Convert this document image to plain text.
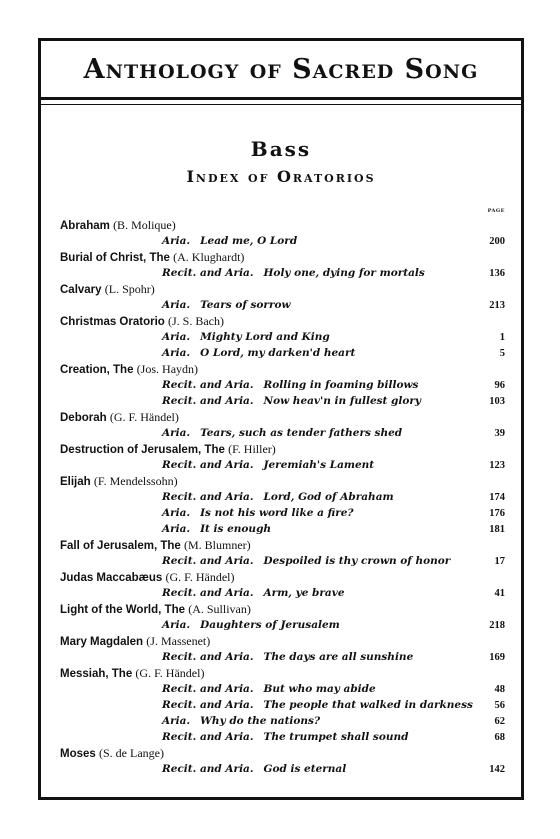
Anthology of Sacred Song
Bass
Index of Oratorios
PAGE
Abraham (B. Molique)
Aria. Lead me, O Lord	200
Burial of Christ, The (A. Klughardt)
Recit. and Aria. Holy one, dying for mortals	136
Calvary (L. Spohr)
Aria. Tears of sorrow	213
Christmas Oratorio (J. S. Bach)
Aria. Mighty Lord and King	1
Aria. O Lord, my darken'd heart	5
Creation, The (Jos. Haydn)
Recit. and Aria. Rolling in foaming billows	96
Recit. and Aria. Now heav'n in fullest glory	103
Deborah (G. F. Händel)
Aria. Tears, such as tender fathers shed	39
Destruction of Jerusalem, The (F. Hiller)
Recit. and Aria. Jeremiah's Lament	123
Elijah (F. Mendelssohn)
Recit. and Aria. Lord, God of Abraham	174
Aria. Is not his word like a fire?	176
Aria. It is enough	181
Fall of Jerusalem, The (M. Blumner)
Recit. and Aria. Despoiled is thy crown of honor	17
Judas Maccabæus (G. F. Händel)
Recit. and Aria. Arm, ye brave	41
Light of the World, The (A. Sullivan)
Aria. Daughters of Jerusalem	218
Mary Magdalen (J. Massenet)
Recit. and Aria. The days are all sunshine	169
Messiah, The (G. F. Händel)
Recit. and Aria. But who may abide	48
Recit. and Aria. The people that walked in darkness	56
Aria. Why do the nations?	62
Recit. and Aria. The trumpet shall sound	68
Moses (S. de Lange)
Recit. and Aria. God is eternal	142
